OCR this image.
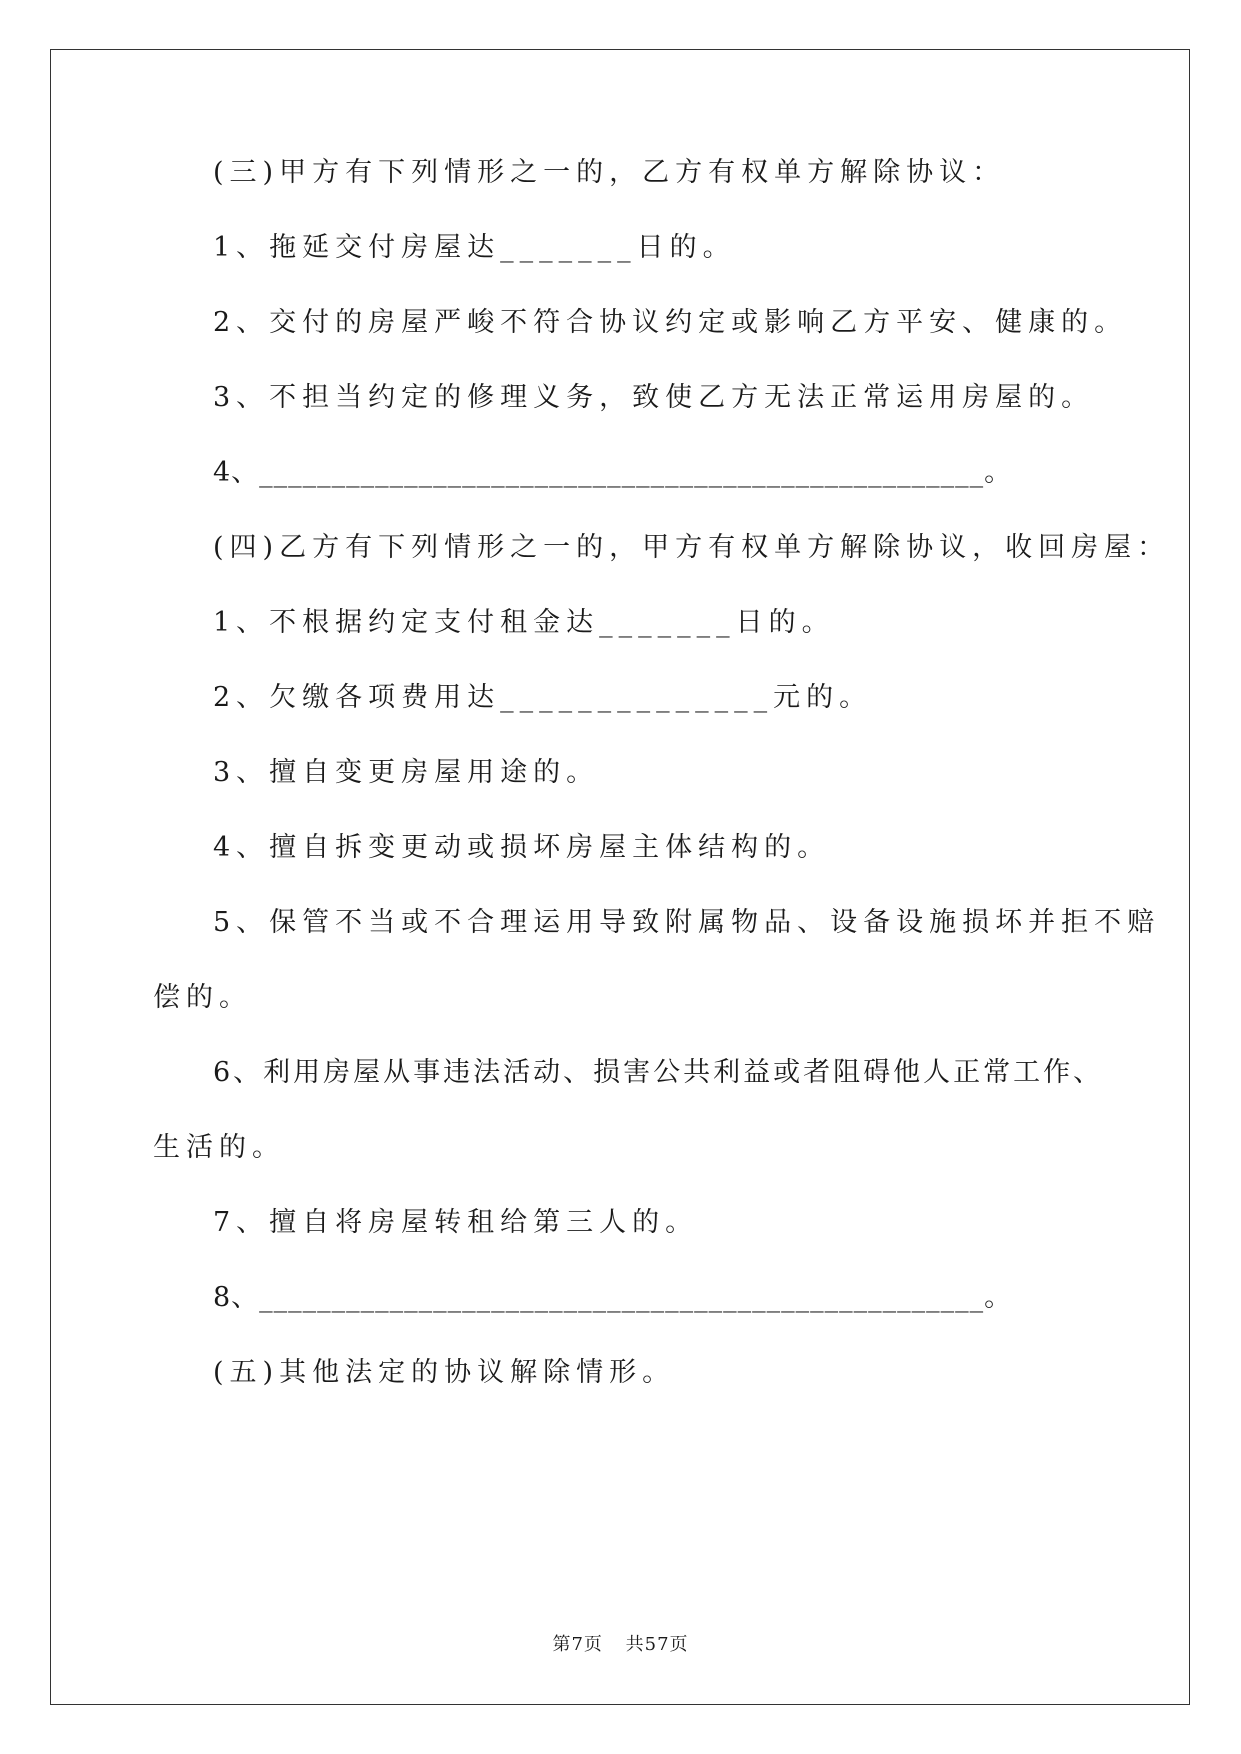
(三)甲方有下列情形之一的，乙方有权单方解除协议：

1、拖延交付房屋达_______日的。

2、交付的房屋严峻不符合协议约定或影响乙方平安、健康的。

3、不担当约定的修理义务，致使乙方无法正常运用房屋的。

4、__________________________________________________。

(四)乙方有下列情形之一的，甲方有权单方解除协议，收回房屋：

1、不根据约定支付租金达_______日的。

2、欠缴各项费用达______________元的。

3、擅自变更房屋用途的。

4、擅自拆变更动或损坏房屋主体结构的。

5、保管不当或不合理运用导致附属物品、设备设施损坏并拒不赔

偿的。

6、利用房屋从事违法活动、损害公共利益或者阻碍他人正常工作、

生活的。

7、擅自将房屋转租给第三人的。

8、__________________________________________________。

(五)其他法定的协议解除情形。

第7页 共57页
